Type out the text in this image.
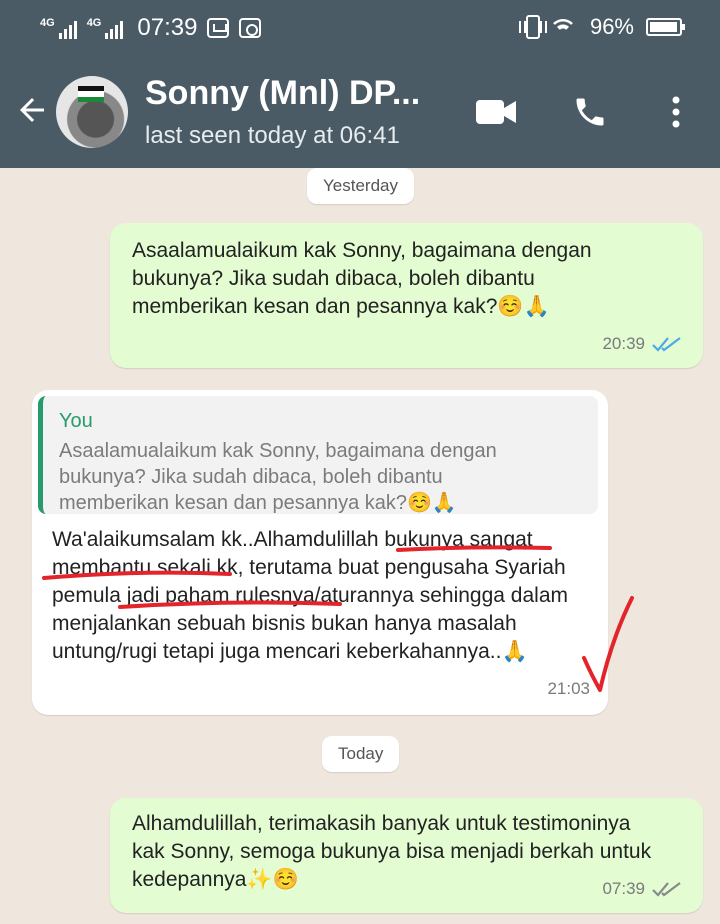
4G	4G 07:39	96%
Sonny (Mnl) DP...
last seen today at 06:41
Yesterday
Asaalamualaikum kak Sonny, bagaimana dengan
bukunya? Jika sudah dibaca, boleh dibantu
memberikan kesan dan pesannya kak?☺️🙏
20:39
You
Asaalamualaikum kak Sonny, bagaimana dengan
bukunya? Jika sudah dibaca, boleh dibantu
memberikan kesan dan pesannya kak?☺️🙏
Wa'alaikumsalam kk..Alhamdulillah bukunya sangat
membantu sekali kk, terutama buat pengusaha Syariah
pemula jadi paham rulesnya/aturannya sehingga dalam
menjalankan sebuah bisnis bukan hanya masalah
untung/rugi tetapi juga mencari keberkahannya..🙏
21:03
Today
Alhamdulillah, terimakasih banyak untuk testimoninya
kak Sonny, semoga bukunya bisa menjadi berkah untuk
kedepannya✨☺️	07:39
